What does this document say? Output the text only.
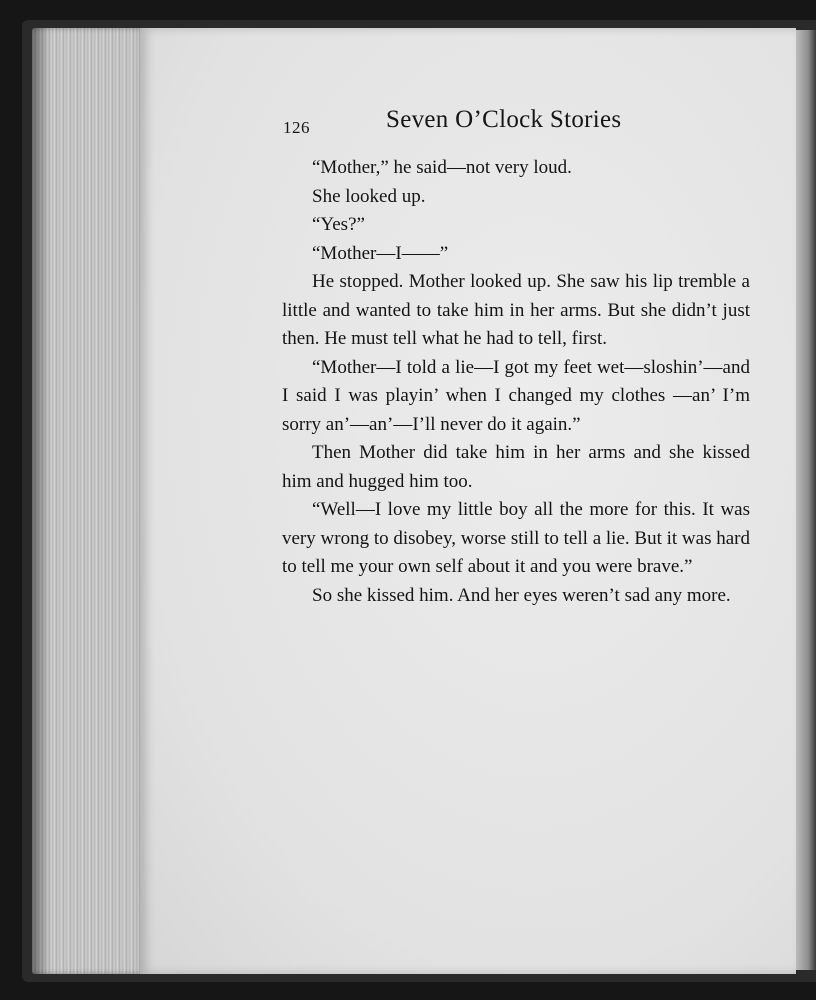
126	Seven O’Clock Stories

“Mother,” he said—not very loud.

She looked up.

“Yes?”

“Mother—I——”

He stopped. Mother looked up. She saw his lip tremble a little and wanted to take him in her arms. But she didn’t just then. He must tell what he had to tell, first.

“Mother—I told a lie—I got my feet wet—sloshin’—and I said I was playin’ when I changed my clothes —an’ I’m sorry an’—an’—I’ll never do it again.”

Then Mother did take him in her arms and she kissed him and hugged him too.

“Well—I love my little boy all the more for this. It was very wrong to disobey, worse still to tell a lie. But it was hard to tell me your own self about it and you were brave.”

So she kissed him. And her eyes weren’t sad any more.
